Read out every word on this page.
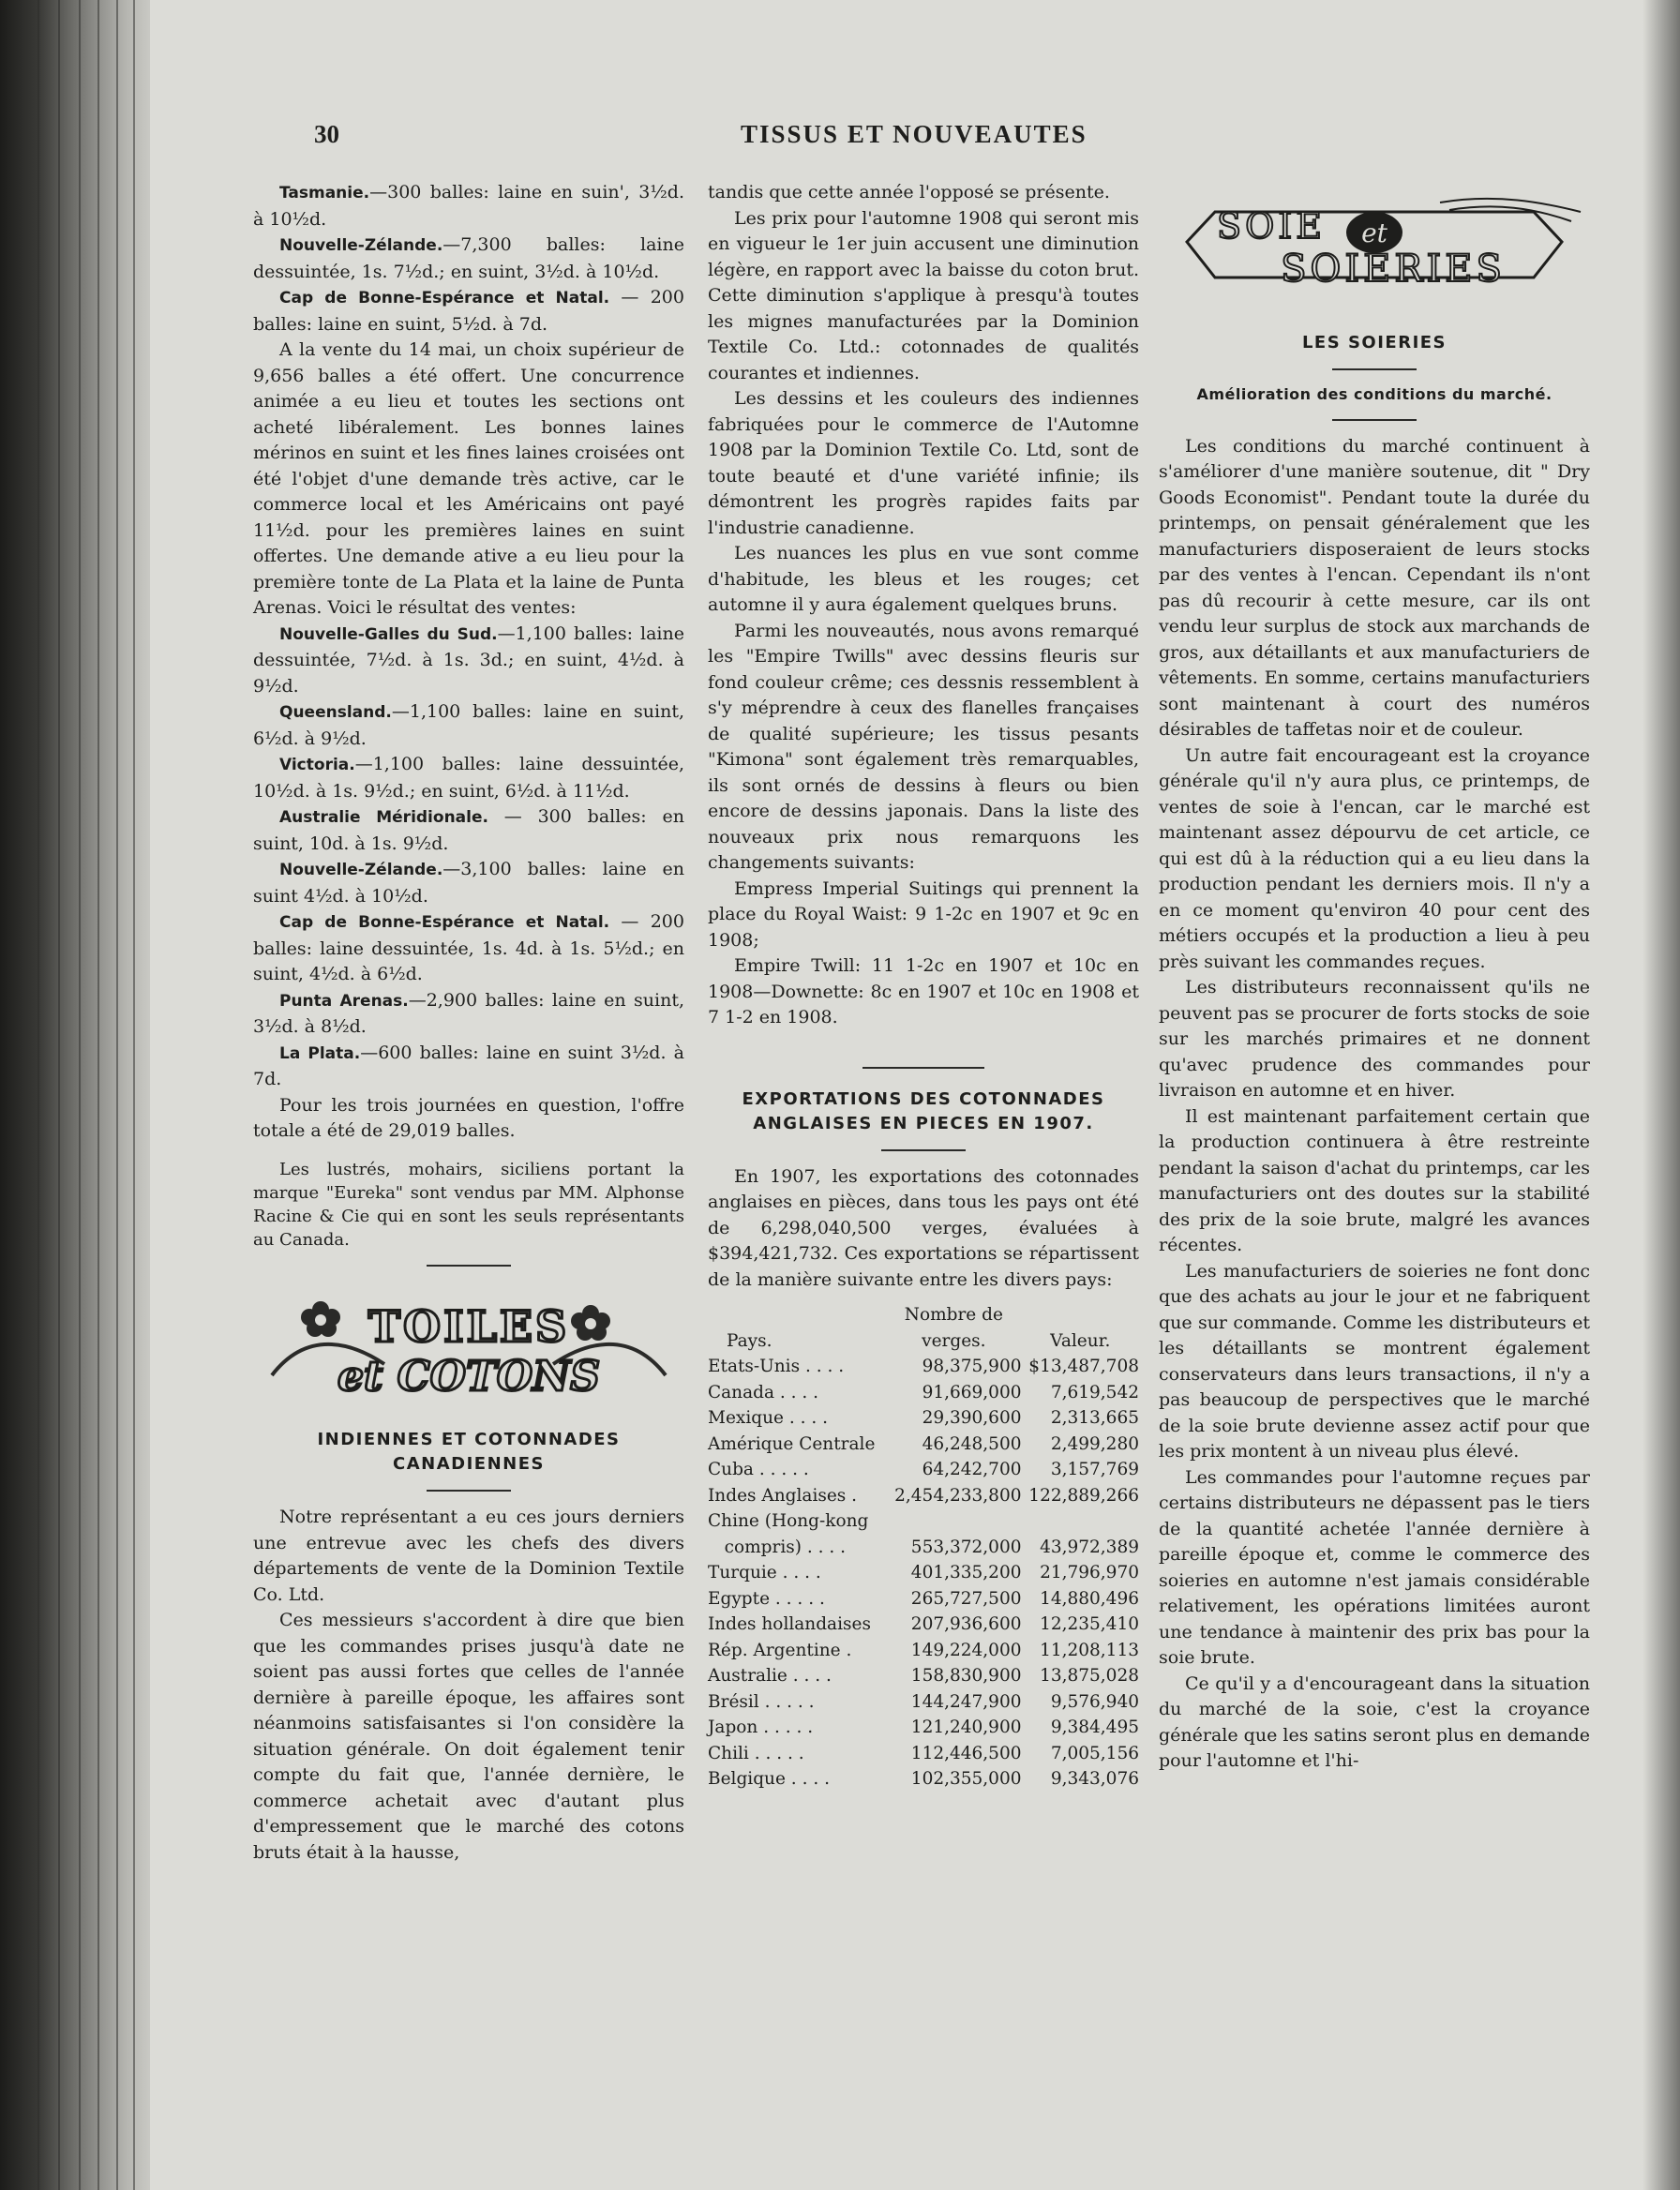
30	TISSUS ET NOUVEAUTES

Tasmanie.—300 balles: laine en suin', 3½d. à 10½d.

Nouvelle-Zélande.—7,300 balles: laine dessuintée, 1s. 7½d.; en suint, 3½d. à 10½d.

Cap de Bonne-Espérance et Natal. — 200 balles: laine en suint, 5½d. à 7d.

A la vente du 14 mai, un choix supérieur de 9,656 balles a été offert. Une concurrence animée a eu lieu et toutes les sections ont acheté libéralement. Les bonnes laines mérinos en suint et les fines laines croisées ont été l'objet d'une demande très active, car le commerce local et les Américains ont payé 11½d. pour les premières laines en suint offertes. Une demande ative a eu lieu pour la première tonte de La Plata et la laine de Punta Arenas. Voici le résultat des ventes:

Nouvelle-Galles du Sud.—1,100 balles: laine dessuintée, 7½d. à 1s. 3d.; en suint, 4½d. à 9½d.

Queensland.—1,100 balles: laine en suint, 6½d. à 9½d.

Victoria.—1,100 balles: laine dessuintée, 10½d. à 1s. 9½d.; en suint, 6½d. à 11½d.

Australie Méridionale. — 300 balles: en suint, 10d. à 1s. 9½d.

Nouvelle-Zélande.—3,100 balles: laine en suint 4½d. à 10½d.

Cap de Bonne-Espérance et Natal. — 200 balles: laine dessuintée, 1s. 4d. à 1s. 5½d.; en suint, 4½d. à 6½d.

Punta Arenas.—2,900 balles: laine en suint, 3½d. à 8½d.

La Plata.—600 balles: laine en suint 3½d. à 7d.

Pour les trois journées en question, l'offre totale a été de 29,019 balles.

Les lustrés, mohairs, siciliens portant la marque "Eureka" sont vendus par MM. Alphonse Racine & Cie qui en sont les seuls représentants au Canada.

TOILES
et COTONS
INDIENNES ET COTONNADES CANADIENNES

Notre représentant a eu ces jours derniers une entrevue avec les chefs des divers départements de vente de la Dominion Textile Co. Ltd.

Ces messieurs s'accordent à dire que bien que les commandes prises jusqu'à date ne soient pas aussi fortes que celles de l'année dernière à pareille époque, les affaires sont néanmoins satisfaisantes si l'on considère la situation générale. On doit également tenir compte du fait que, l'année dernière, le commerce achetait avec d'autant plus d'empressement que le marché des cotons bruts était à la hausse,

tandis que cette année l'opposé se présente.

Les prix pour l'automne 1908 qui seront mis en vigueur le 1er juin accusent une diminution légère, en rapport avec la baisse du coton brut. Cette diminution s'applique à presqu'à toutes les mignes manufacturées par la Dominion Textile Co. Ltd.: cotonnades de qualités courantes et indiennes.

Les dessins et les couleurs des indiennes fabriquées pour le commerce de l'Automne 1908 par la Dominion Textile Co. Ltd, sont de toute beauté et d'une variété infinie; ils démontrent les progrès rapides faits par l'industrie canadienne.

Les nuances les plus en vue sont comme d'habitude, les bleus et les rouges; cet automne il y aura également quelques bruns.

Parmi les nouveautés, nous avons remarqué les "Empire Twills" avec dessins fleuris sur fond couleur crême; ces dessnis ressemblent à s'y méprendre à ceux des flanelles françaises de qualité supérieure; les tissus pesants "Kimona" sont également très remarquables, ils sont ornés de dessins à fleurs ou bien encore de dessins japonais. Dans la liste des nouveaux prix nous remarquons les changements suivants:

Empress Imperial Suitings qui prennent la place du Royal Waist: 9 1-2c en 1907 et 9c en 1908;

Empire Twill: 11 1-2c en 1907 et 10c en 1908—Downette: 8c en 1907 et 10c en 1908 et 7 1-2 en 1908.

EXPORTATIONS DES COTONNADES ANGLAISES EN PIECES EN 1907.

En 1907, les exportations des cotonnades anglaises en pièces, dans tous les pays ont été de 6,298,040,500 verges, évaluées à $394,421,732. Ces exportations se répartissent de la manière suivante entre les divers pays:

	Nombre de	
Pays.	verges.	Valeur.
Etats-Unis . . . .	98,375,900	$13,487,708
Canada . . . .	91,669,000	7,619,542
Mexique . . . .	29,390,600	2,313,665
Amérique Centrale	46,248,500	2,499,280
Cuba . . . . .	64,242,700	3,157,769
Indes Anglaises .	2,454,233,800	122,889,266
Chine (Hong-kong		
compris) . . . .	553,372,000	43,972,389
Turquie . . . .	401,335,200	21,796,970
Egypte . . . . .	265,727,500	14,880,496
Indes hollandaises	207,936,600	12,235,410
Rép. Argentine .	149,224,000	11,208,113
Australie . . . .	158,830,900	13,875,028
Brésil . . . . .	144,247,900	9,576,940
Japon . . . . .	121,240,900	9,384,495
Chili . . . . .	112,446,500	7,005,156
Belgique . . . .	102,355,000	9,343,076
SOIE et
SOIERIES
LES SOIERIES
Amélioration des conditions du marché.

Les conditions du marché continuent à s'améliorer d'une manière soutenue, dit " Dry Goods Economist". Pendant toute la durée du printemps, on pensait généralement que les manufacturiers disposeraient de leurs stocks par des ventes à l'encan. Cependant ils n'ont pas dû recourir à cette mesure, car ils ont vendu leur surplus de stock aux marchands de gros, aux détaillants et aux manufacturiers de vêtements. En somme, certains manufacturiers sont maintenant à court des numéros désirables de taffetas noir et de couleur.

Un autre fait encourageant est la croyance générale qu'il n'y aura plus, ce printemps, de ventes de soie à l'encan, car le marché est maintenant assez dépourvu de cet article, ce qui est dû à la réduction qui a eu lieu dans la production pendant les derniers mois. Il n'y a en ce moment qu'environ 40 pour cent des métiers occupés et la production a lieu à peu près suivant les commandes reçues.

Les distributeurs reconnaissent qu'ils ne peuvent pas se procurer de forts stocks de soie sur les marchés primaires et ne donnent qu'avec prudence des commandes pour livraison en automne et en hiver.

Il est maintenant parfaitement certain que la production continuera à être restreinte pendant la saison d'achat du printemps, car les manufacturiers ont des doutes sur la stabilité des prix de la soie brute, malgré les avances récentes.

Les manufacturiers de soieries ne font donc que des achats au jour le jour et ne fabriquent que sur commande. Comme les distributeurs et les détaillants se montrent également conservateurs dans leurs transactions, il n'y a pas beaucoup de perspectives que le marché de la soie brute devienne assez actif pour que les prix montent à un niveau plus élevé.

Les commandes pour l'automne reçues par certains distributeurs ne dépassent pas le tiers de la quantité achetée l'année dernière à pareille époque et, comme le commerce des soieries en automne n'est jamais considérable relativement, les opérations limitées auront une tendance à maintenir des prix bas pour la soie brute.

Ce qu'il y a d'encourageant dans la situation du marché de la soie, c'est la croyance générale que les satins seront plus en demande pour l'automne et l'hi-
